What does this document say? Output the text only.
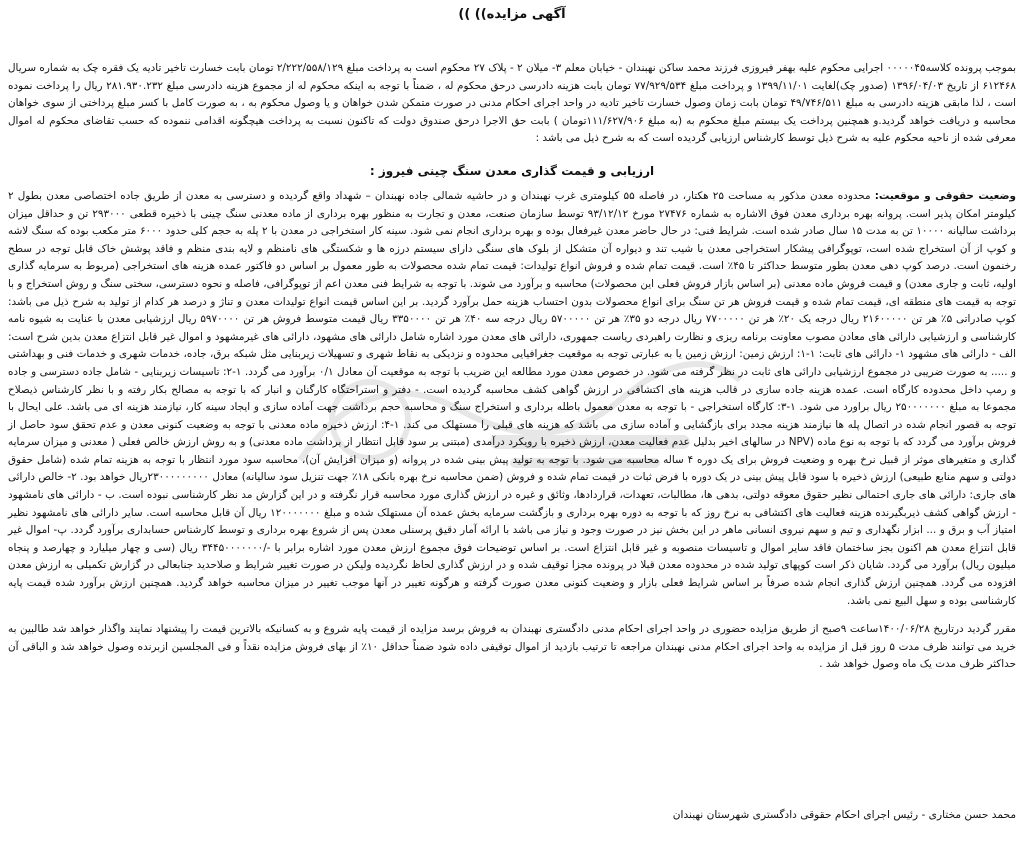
آگهی مزایده)) ))

بموجب پرونده کلاسه۰۰۰۰۰۴۵ اجرایی محکوم علیه بهفر فیروزی فرزند محمد ساکن نهبندان - خیابان معلم ۳- میلان ۲ - پلاک ۲۷ محکوم است به پرداخت مبلغ ۲/۲۲۲/۵۵۸/۱۲۹ تومان بابت خسارت تاخیر تادیه یک فقره چک به شماره سریال ۶۱۲۴۶۸ از تاریخ ۱۳۹۶/۰۴/۰۳ (صدور چک)لغایت ۱۳۹۹/۱۱/۰۱ و پرداخت مبلغ ۷۷/۹۲۹/۵۳۴ تومان بابت هزینه دادرسی درحق محکوم له ، ضمناً با توجه به اینکه محکوم له از مجموع هزینه دادرسی مبلغ ۲۸۱.۹۳۰.۲۳۲ ریال را پرداخت نموده است ، لذا مابقی هزینه دادرسی به مبلغ ۴۹/۷۴۶/۵۱۱ تومان بابت زمان وصول خسارت تاخیر تادیه در واحد اجرای احکام مدنی در صورت متمکن شدن خواهان و یا وصول محکوم به ، به صورت کامل با کسر مبلغ پرداختی از سوی خواهان محاسبه و دریافت خواهد گردید.و همچنین پرداخت یک بیستم مبلغ محکوم به (به مبلغ ۱۱۱/۶۲۷/۹۰۶تومان ) بابت حق الاجرا درحق صندوق دولت که تاکنون نسبت به پرداخت هیچگونه اقدامی ننموده که حسب تقاضای محکوم له اموال معرفی شده از ناحیه محکوم علیه به شرح ذیل توسط کارشناس ارزیابی گردیده است که به شرح ذیل می باشد :

ارزیابی و قیمت گذاری معدن سنگ چینی فیروز :

وضعیت حقوقی و موقعیت: محدوده معدن مذکور به مساحت ۲۵ هکتار، در فاصله ۵۵ کیلومتری غرب نهبندان و در حاشیه شمالی جاده نهبندان – شهداد واقع گردیده و دسترسی به معدن از طریق جاده اختصاصی معدن بطول ۲ کیلومتر امکان پذیر است. پروانه بهره برداری معدن فوق الاشاره به شماره ۲۷۴۷۶ مورخ ۹۳/۱۲/۱۲ توسط سازمان صنعت، معدن و تجارت به منظور بهره برداری از ماده معدنی سنگ چینی با ذخیره قطعی ۲۹۳۰۰۰ تن و حداقل میزان برداشت سالیانه ۱۰۰۰۰ تن به مدت ۱۵ سال صادر شده است. شرایط فنی: در حال حاضر معدن غیرفعال بوده و بهره برداری انجام نمی شود. سینه کار استخراجی در معدن با ۲ پله به حجم کلی حدود ۶۰۰۰ متر مکعب بوده که سنگ لاشه و کوپ از آن استخراج شده است، توپوگرافی پیشکار استخراجی معدن با شیب تند و دیواره آن متشکل از بلوک های سنگی دارای سیستم درزه ها و شکستگی های نامنظم و لایه بندی منظم و فاقد پوشش خاک قابل توجه در سطح رخنمون است. درصد کوپ دهی معدن بطور متوسط حداکثر تا ۴۵٪ است. قیمت تمام شده و فروش انواع تولیدات: قیمت تمام شده محصولات به طور معمول بر اساس دو فاکتور عمده هزینه های استخراجی (مربوط به سرمایه گذاری اولیه، ثابت و جاری معدن) و قیمت فروش ماده معدنی (بر اساس بازار فروش فعلی این محصولات) محاسبه و برآورد می شوند. با توجه به شرایط فنی معدن اعم از توپوگرافی، فاصله و نحوه دسترسی، سختی سنگ و روش استخراج و با توجه به قیمت های منطقه ای، قیمت تمام شده و قیمت فروش هر تن سنگ برای انواع محصولات بدون احتساب هزینه حمل برآورد گردید. بر این اساس قیمت انواع تولیدات معدن و تناژ و درصد هر کدام از تولید به شرح ذیل می باشد: کوپ صادراتی ۵٪ هر تن ۲۱۶۰۰۰۰۰ ریال درجه یک ۲۰٪ هر تن ۷۷۰۰۰۰۰ ریال درجه دو ۳۵٪ هر تن ۵۷۰۰۰۰۰ ریال درجه سه ۴۰٪ هر تن ۳۳۵۰۰۰۰ ریال قیمت متوسط فروش هر تن ۵۹۷۰۰۰۰ ریال ارزشیابی معدن با عنایت به شیوه نامه کارشناسی و ارزشیابی دارائی های معادن مصوب معاونت برنامه ریزی و نظارت راهبردی ریاست جمهوری، دارائی های معدن مورد اشاره شامل دارائی های مشهود، دارائی های غیرمشهود و اموال غیر قابل انتزاع معدن بدین شرح است: الف - دارائی های مشهود ۱- دارائی های ثابت: ۱-۱: ارزش زمین: ارزش زمین یا به عبارتی توجه به موقعیت جغرافیایی محدوده و نزدیکی به نقاط شهری و تسهیلات زیربنایی مثل شبکه برق، جاده، خدمات شهری و خدمات فنی و بهداشتی و ..... به صورت ضریبی در مجموع ارزشیابی دارائی های ثابت در نظر گرفته می شود. در خصوص معدن مورد مطالعه این ضریب با توجه به موقعیت آن معادل ۰/۱ برآورد می گردد. ۱-۲: تاسیسات زیربنایی - شامل جاده دسترسی و جاده و رمپ داخل محدوده کارگاه است. عمده هزینه جاده سازی در قالب هزینه های اکتشافی در ارزش گواهی کشف محاسبه گردیده است. - دفتر و استراحتگاه کارگنان و انبار که با توجه به مصالح بکار رفته و با نظر کارشناس ذیصلاح مجموعا به مبلغ ۲۵۰۰۰۰۰۰۰ ریال براورد می شود. ۱-۳: کارگاه استخراجی - با توجه به معدن معمول باطله برداری و استخراج سنگ و محاسبه حجم برداشت جهت آماده سازی و ایجاد سینه کار، نیازمند هزینه ای می باشد. علی ایحال با توجه به قصور انجام شده در اتصال پله ها نیازمند هزینه مجدد برای بازگشایی و آماده سازی می باشد که هزینه های قبلی را مستهلک می کند. ۱-۴: ارزش ذخیره ماده معدنی با توجه به وضعیت کنونی معدن و عدم تحقق سود حاصل از فروش برآورد می گردد که با توجه به نوع ماده (NPV در سالهای اخیر بدلیل عدم فعالیت معدن، ارزش ذخیره با رویکرد درآمدی (مبتنی بر سود قابل انتظار از برداشت ماده معدنی) و به روش ارزش خالص فعلی ( معدنی و میزان سرمایه گذاری و متغیرهای موثر از قبیل نرخ بهره و وضعیت فروش برای یک دوره ۴ ساله محاسبه می شود. با توجه به تولید پیش بینی شده در پروانه (و میزان افزایش آن)، محاسبه سود مورد انتظار با توجه به هزینه تمام شده (شامل حقوق دولتی و سهم منابع طبیعی) ارزش ذخیره با سود قابل پیش بینی در یک دوره با فرض ثبات در قیمت تمام شده و فروش (ضمن محاسبه نرخ بهره بانکی ۱۸٪ جهت تنزیل سود سالیانه) معادل ۲۳۰۰۰۰۰۰۰۰۰ریال خواهد بود. ۲- خالص دارائی های جاری: دارائی های جاری احتمالی نظیر حقوق معوقه دولتی، بدهی ها، مطالبات، تعهدات، قراردادها، وثائق و غیره در ارزش گذاری مورد محاسبه قرار نگرفته و در این گزارش مد نظر کارشناسی نبوده است. ب - دارائی های نامشهود - ارزش گواهی کشف ذیربگیرنده هزینه فعالیت های اکتشافی به نرخ روز که با توجه به دوره بهره برداری و بازگشت سرمایه بخش عمده آن مستهلک شده و مبلغ ۱۲۰۰۰۰۰۰۰ ریال آن قابل محاسبه است. سایر دارائی های نامشهود نظیر امتیاز آب و برق و ... ابزار نگهداری و تیم و سهم نیروی انسانی ماهر در این بخش نیز در صورت وجود و نیاز می باشد با ارائه آمار دقیق پرسنلی معدن پس از شروع بهره برداری و توسط کارشناس حسابداری برآورد گردد. پ- اموال غیر قابل انتزاع معدن هم اکنون بجز ساختمان فاقد سایر اموال و تاسیسات منصوبه و غیر قابل انتزاع است. بر اساس توضیحات فوق مجموع ارزش معدن مورد اشاره برابر با -/۳۴۴۵۰۰۰۰۰۰۰ ریال (سی و چهار میلیارد و چهارصد و پنجاه میلیون ریال) برآورد می گردد. شایان ذکر است کوپهای تولید شده در محدوده معدن قبلا در پرونده مجزا توقیف شده و در ارزش گذاری لحاظ نگردیده ولیکن در صورت تغییر شرایط و صلاحدید جنابعالی در گزارش تکمیلی به ارزش معدن افزوده می گردد. همچنین ارزش گذاری انجام شده صرفاً بر اساس شرایط فعلی بازار و وضعیت کنونی معدن صورت گرفته و هرگونه تغییر در آنها موجب تغییر در میزان محاسبه خواهد گردید. همچنین ارزش برآورد شده قیمت پایه کارشناسی بوده و سهل البیع نمی باشد.

مقرر گردید درتاریخ ۱۴۰۰/۰۶/۲۸ساعت ۹صبح از طریق مزایده حضوری در واحد اجرای احکام مدنی دادگستری نهبندان به فروش برسد مزایده از قیمت پایه شروع و به کسانیکه بالاترین قیمت را پیشنهاد نمایند واگذار خواهد شد طالبین به خرید می توانند ظرف مدت ۵ روز قبل از مزایده به واحد اجرای احکام مدنی نهبندان مراجعه تا ترتیب بازدید از اموال توقیفی داده شود ضمناً حداقل ۱۰٪ از بهای فروش مزایده نقداً و فی المجلسین ازبرنده وصول خواهد شد و الباقی آن حداکثر ظرف مدت یک ماه وصول خواهد شد .

محمد حسن مختاری - رئیس اجرای احکام حقوقی دادگستری شهرستان نهبندان
